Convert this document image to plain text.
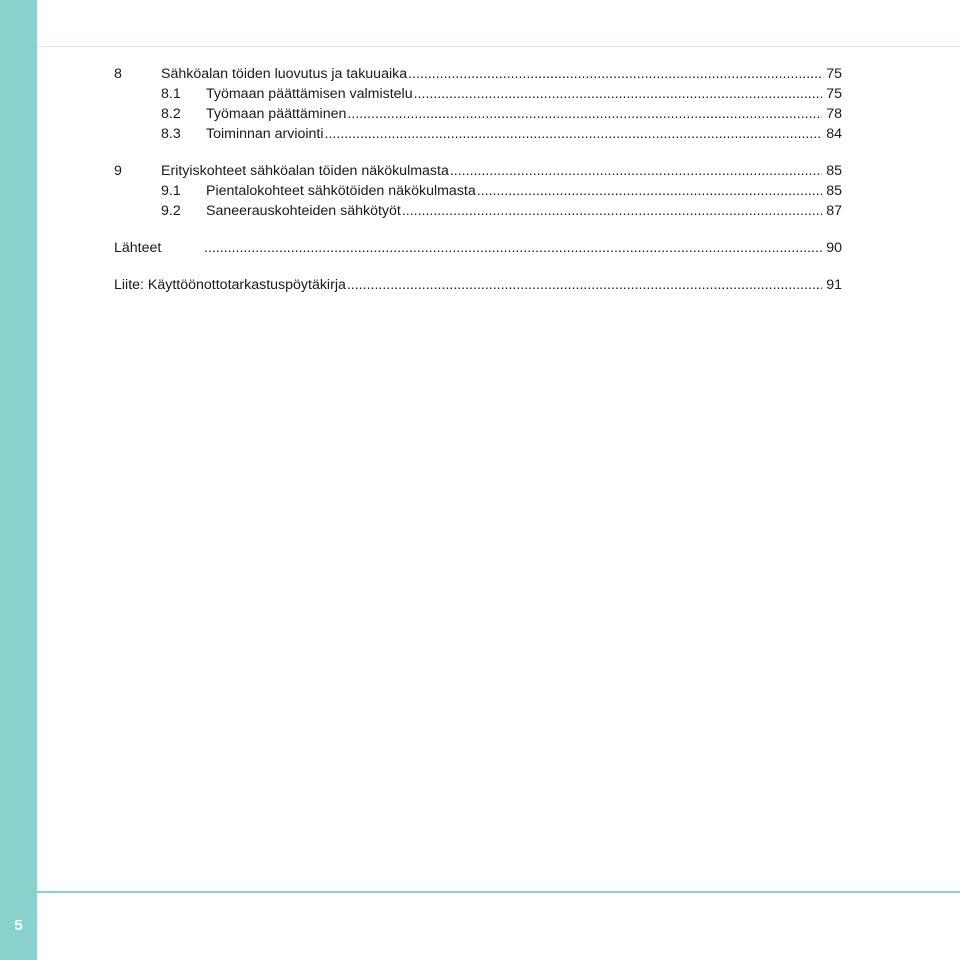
5
8	Sähköalan töiden luovutus ja takuuaika .....	75
8.1	Työmaan päättämisen valmistelu .....	75
8.2	Työmaan päättäminen .....	78
8.3	Toiminnan arviointi .....	84
9	Erityiskohteet sähköalan töiden näkökulmasta .....	85
9.1	Pientalokohteet sähkötöiden näkökulmasta .....	85
9.2	Saneerauskohteiden sähkötyöt .....	87
Lähteet .....	90
Liite: Käyttöönottotarkastuspöytäkirja .....	91
